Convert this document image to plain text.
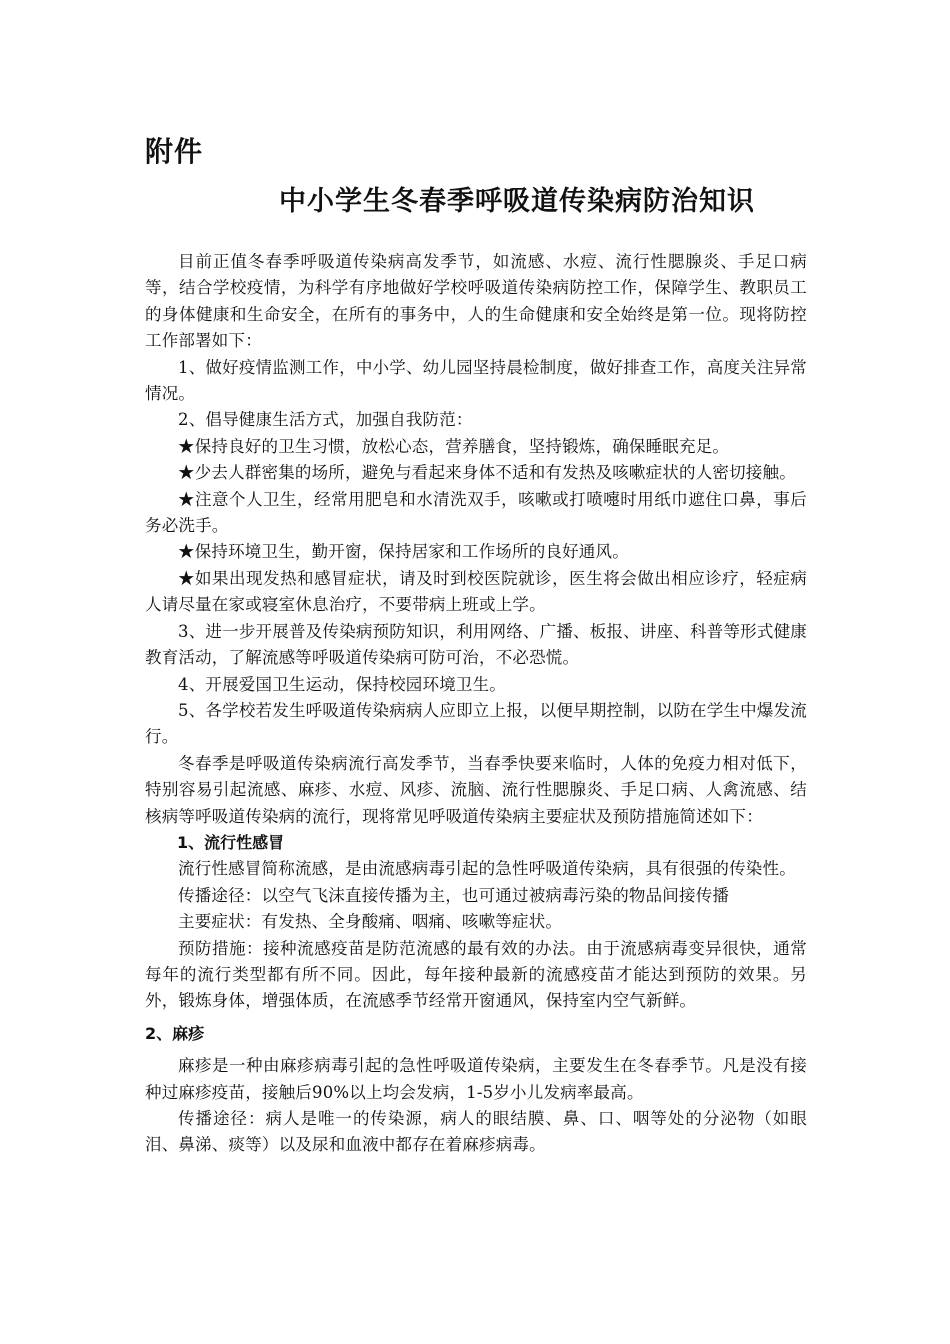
附件
中小学生冬春季呼吸道传染病防治知识

目前正值冬春季呼吸道传染病高发季节，如流感、水痘、流行性腮腺炎、手足口病等，结合学校疫情，为科学有序地做好学校呼吸道传染病防控工作，保障学生、教职员工的身体健康和生命安全，在所有的事务中，人的生命健康和安全始终是第一位。现将防控工作部署如下：

1、做好疫情监测工作，中小学、幼儿园坚持晨检制度，做好排查工作，高度关注异常情况。

2、倡导健康生活方式，加强自我防范：

★保持良好的卫生习惯，放松心态，营养膳食，坚持锻炼，确保睡眠充足。

★少去人群密集的场所，避免与看起来身体不适和有发热及咳嗽症状的人密切接触。

★注意个人卫生，经常用肥皂和水清洗双手，咳嗽或打喷嚏时用纸巾遮住口鼻，事后务必洗手。

★保持环境卫生，勤开窗，保持居家和工作场所的良好通风。

★如果出现发热和感冒症状，请及时到校医院就诊，医生将会做出相应诊疗，轻症病人请尽量在家或寝室休息治疗，不要带病上班或上学。

3、进一步开展普及传染病预防知识，利用网络、广播、板报、讲座、科普等形式健康教育活动，了解流感等呼吸道传染病可防可治，不必恐慌。

4、开展爱国卫生运动，保持校园环境卫生。

5、各学校若发生呼吸道传染病病人应即立上报，以便早期控制，以防在学生中爆发流行。

冬春季是呼吸道传染病流行高发季节，当春季快要来临时，人体的免疫力相对低下，特别容易引起流感、麻疹、水痘、风疹、流脑、流行性腮腺炎、手足口病、人禽流感、结核病等呼吸道传染病的流行，现将常见呼吸道传染病主要症状及预防措施简述如下：

1、流行性感冒

流行性感冒简称流感，是由流感病毒引起的急性呼吸道传染病，具有很强的传染性。

传播途径：以空气飞沫直接传播为主，也可通过被病毒污染的物品间接传播

主要症状：有发热、全身酸痛、咽痛、咳嗽等症状。

预防措施：接种流感疫苗是防范流感的最有效的办法。由于流感病毒变异很快，通常每年的流行类型都有所不同。因此，每年接种最新的流感疫苗才能达到预防的效果。另外，锻炼身体，增强体质，在流感季节经常开窗通风，保持室内空气新鲜。

2、麻疹

麻疹是一种由麻疹病毒引起的急性呼吸道传染病，主要发生在冬春季节。凡是没有接种过麻疹疫苗，接触后90%以上均会发病，1-5岁小儿发病率最高。

传播途径：病人是唯一的传染源，病人的眼结膜、鼻、口、咽等处的分泌物（如眼泪、鼻涕、痰等）以及尿和血液中都存在着麻疹病毒。
